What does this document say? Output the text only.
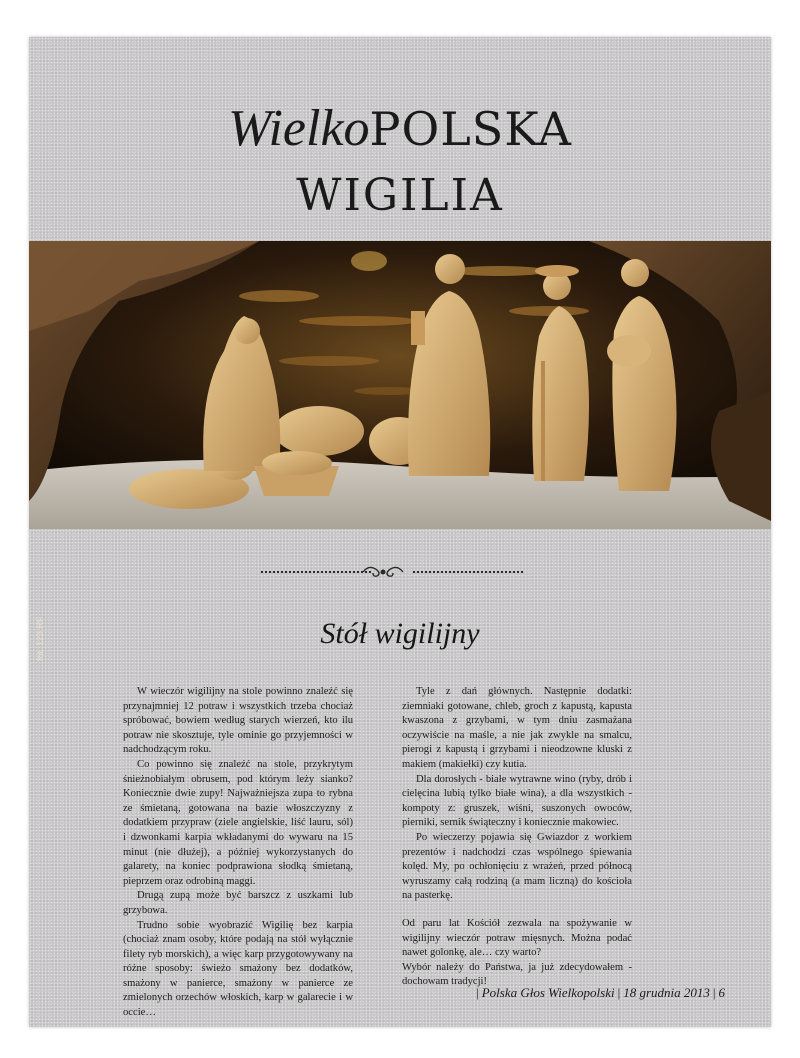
WielkoPOLSKA
WIGILIA
fot. 123 RF	Stół wigilijny

W wieczór wigilijny na stole powinno znaleźć się przynajmniej 12 potraw i wszystkich trzeba chociaż spróbować, bowiem według starych wierzeń, kto ilu potraw nie skosztuje, tyle ominie go przyjemności w nadchodzącym roku.

Co powinno się znaleźć na stole, przykrytym śnieżnobiałym obrusem, pod którym leży sianko? Koniecznie dwie zupy! Najważniejsza zupa to rybna ze śmietaną, gotowana na bazie włoszczyzny z dodatkiem przypraw (ziele angielskie, liść lauru, sól) i dzwonkami karpia wkładanymi do wywaru na 15 minut (nie dłużej), a później wykorzystanych do galarety, na koniec podprawiona słodką śmietaną, pieprzem oraz odrobiną maggi.

Drugą zupą może być barszcz z uszkami lub grzybowa.

Trudno sobie wyobrazić Wigilię bez karpia (chociaż znam osoby, które podają na stół wyłącznie filety ryb morskich), a więc karp przygotowywany na różne sposoby: świeżo smażony bez dodatków, smażony w panierce, smażony w panierce ze zmielonych orzechów włoskich, karp w galarecie i w occie…

Tyle z dań głównych. Następnie dodatki: ziemniaki gotowane, chleb, groch z kapustą, kapusta kwaszona z grzybami, w tym dniu zasmażana oczywiście na maśle, a nie jak zwykle na smalcu, pierogi z kapustą i grzybami i nieodzowne kluski z makiem (makiełki) czy kutia.

Dla dorosłych - białe wytrawne wino (ryby, drób i cielęcina lubią tylko białe wina), a dla wszystkich - kompoty z: gruszek, wiśni, suszonych owoców, pierniki, sernik świąteczny i koniecznie makowiec.

Po wieczerzy pojawia się Gwiazdor z workiem prezentów i nadchodzi czas wspólnego śpiewania kolęd. My, po ochłonięciu z wrażeń, przed północą wyruszamy całą rodziną (a mam liczną) do kościoła na pasterkę.

Od paru lat Kościół zezwala na spożywanie w wigilijny wieczór potraw mięsnych. Można podać nawet golonkę, ale… czy warto?

Wybór należy do Państwa, ja już zdecydowałem - dochowam tradycji!

| Polska Głos Wielkopolski | 18 grudnia 2013 | 6
